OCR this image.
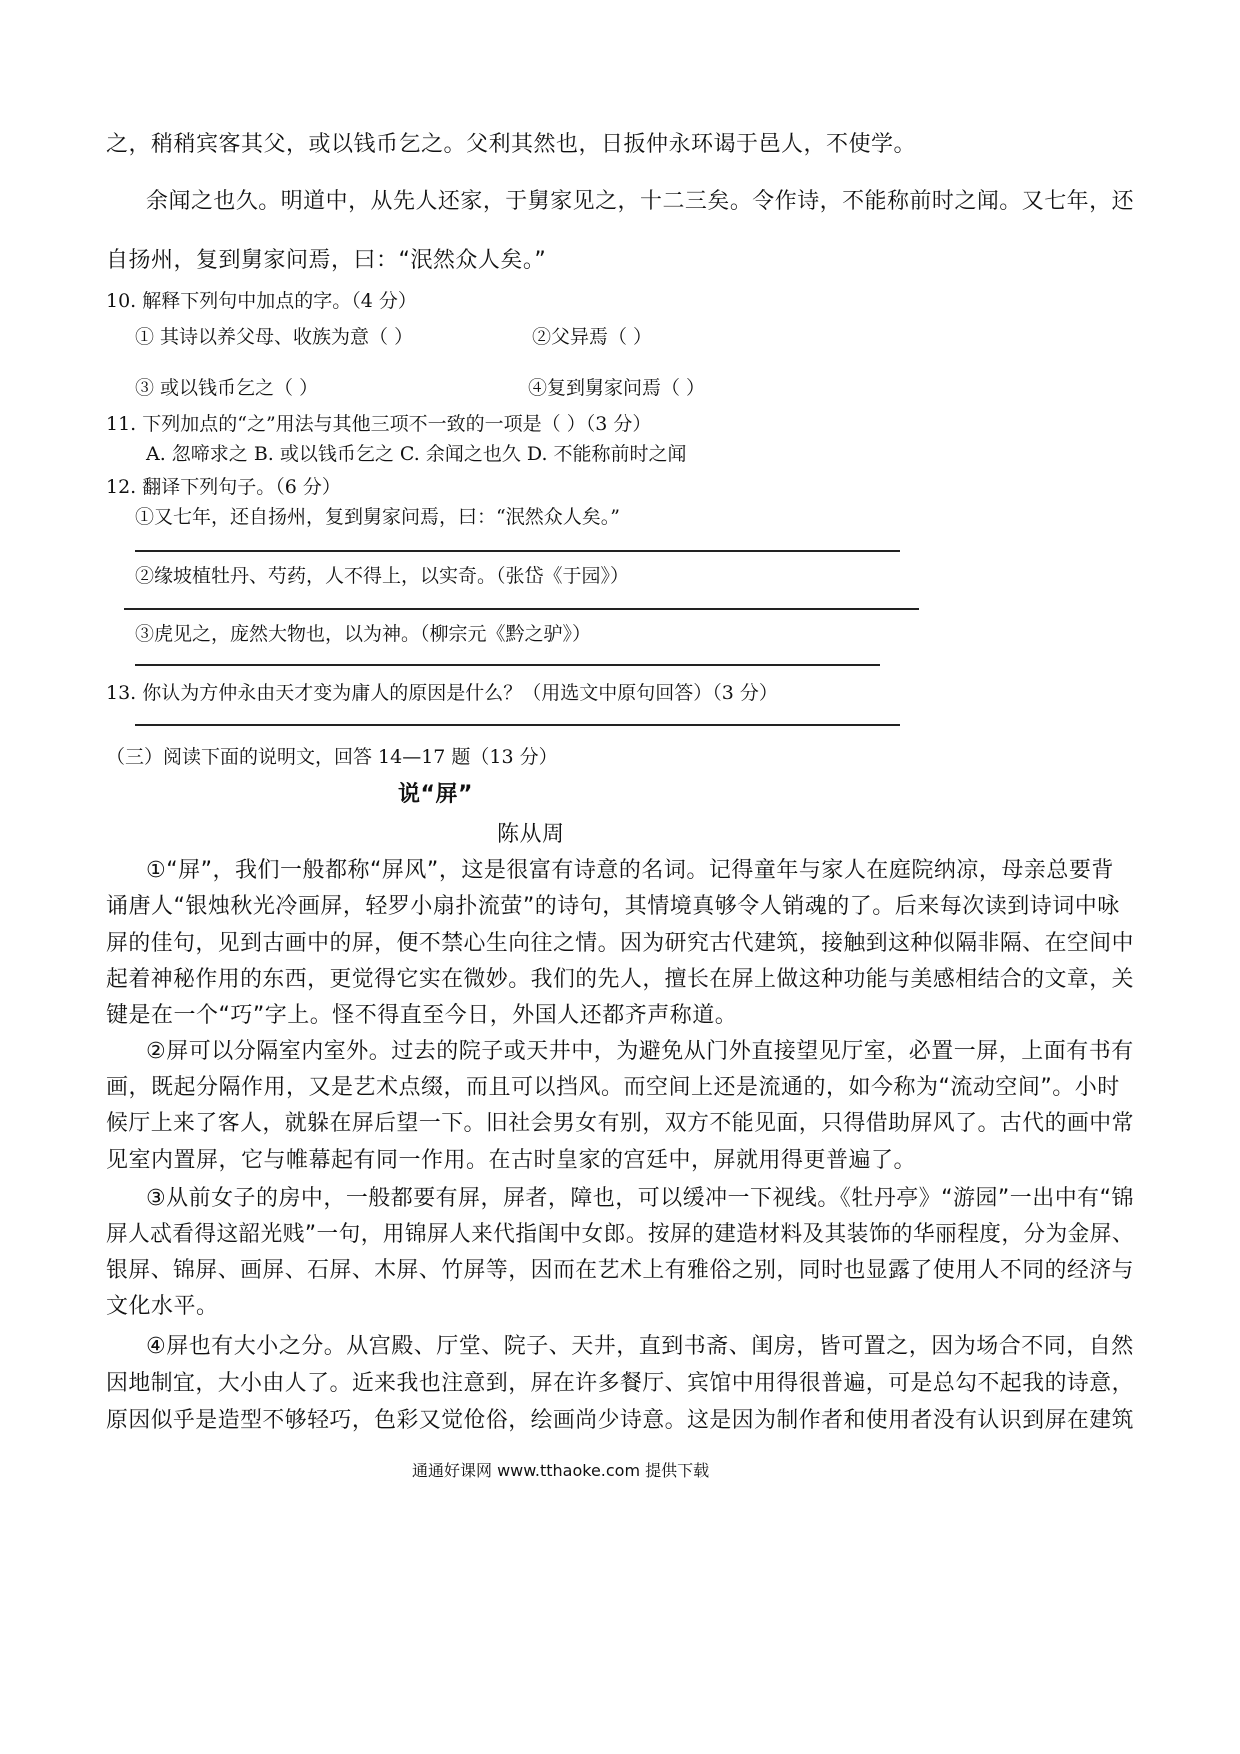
之，稍稍宾客其父，或以钱币乞之。父利其然也，日扳仲永环谒于邑人，不使学。
余闻之也久。明道中，从先人还家，于舅家见之，十二三矣。令作诗，不能称前时之闻。又七年，还
自扬州，复到舅家问焉，曰：“泯然众人矣。”
10. 解释下列句中加点的字。（4 分）
① 其诗以养父母、收族为意（ ）	②父异焉（ ）
③ 或以钱币乞之（ ）	④复到舅家问焉（ ）
11. 下列加点的“之”用法与其他三项不一致的一项是（ ）（3 分）
A. 忽啼求之 B. 或以钱币乞之 C. 余闻之也久 D. 不能称前时之闻
12. 翻译下列句子。（6 分）
①又七年，还自扬州，复到舅家问焉，曰：“泯然众人矣。”
②缘坡植牡丹、芍药，人不得上，以实奇。（张岱《于园》）
③虎见之，庞然大物也，以为神。（柳宗元《黔之驴》）
13. 你认为方仲永由天才变为庸人的原因是什么？（用选文中原句回答）（3 分）
（三）阅读下面的说明文，回答 14—17 题（13 分）
说“屏”
陈从周
①“屏”，我们一般都称“屏风”，这是很富有诗意的名词。记得童年与家人在庭院纳凉，母亲总要背
诵唐人“银烛秋光冷画屏，轻罗小扇扑流萤”的诗句，其情境真够令人销魂的了。后来每次读到诗词中咏
屏的佳句，见到古画中的屏，便不禁心生向往之情。因为研究古代建筑，接触到这种似隔非隔、在空间中
起着神秘作用的东西，更觉得它实在微妙。我们的先人，擅长在屏上做这种功能与美感相结合的文章，关
键是在一个“巧”字上。怪不得直至今日，外国人还都齐声称道。
②屏可以分隔室内室外。过去的院子或天井中，为避免从门外直接望见厅室，必置一屏，上面有书有
画，既起分隔作用，又是艺术点缀，而且可以挡风。而空间上还是流通的，如今称为“流动空间”。小时
候厅上来了客人，就躲在屏后望一下。旧社会男女有别，双方不能见面，只得借助屏风了。古代的画中常
见室内置屏，它与帷幕起有同一作用。在古时皇家的宫廷中，屏就用得更普遍了。
③从前女子的房中，一般都要有屏，屏者，障也，可以缓冲一下视线。《牡丹亭》“游园”一出中有“锦
屏人忒看得这韶光贱”一句，用锦屏人来代指闺中女郎。按屏的建造材料及其装饰的华丽程度，分为金屏、
银屏、锦屏、画屏、石屏、木屏、竹屏等，因而在艺术上有雅俗之别，同时也显露了使用人不同的经济与
文化水平。
④屏也有大小之分。从宫殿、厅堂、院子、天井，直到书斋、闺房，皆可置之，因为场合不同，自然
因地制宜，大小由人了。近来我也注意到，屏在许多餐厅、宾馆中用得很普遍，可是总勾不起我的诗意，
原因似乎是造型不够轻巧，色彩又觉伧俗，绘画尚少诗意。这是因为制作者和使用者没有认识到屏在建筑
通通好课网 www.tthaoke.com 提供下载
